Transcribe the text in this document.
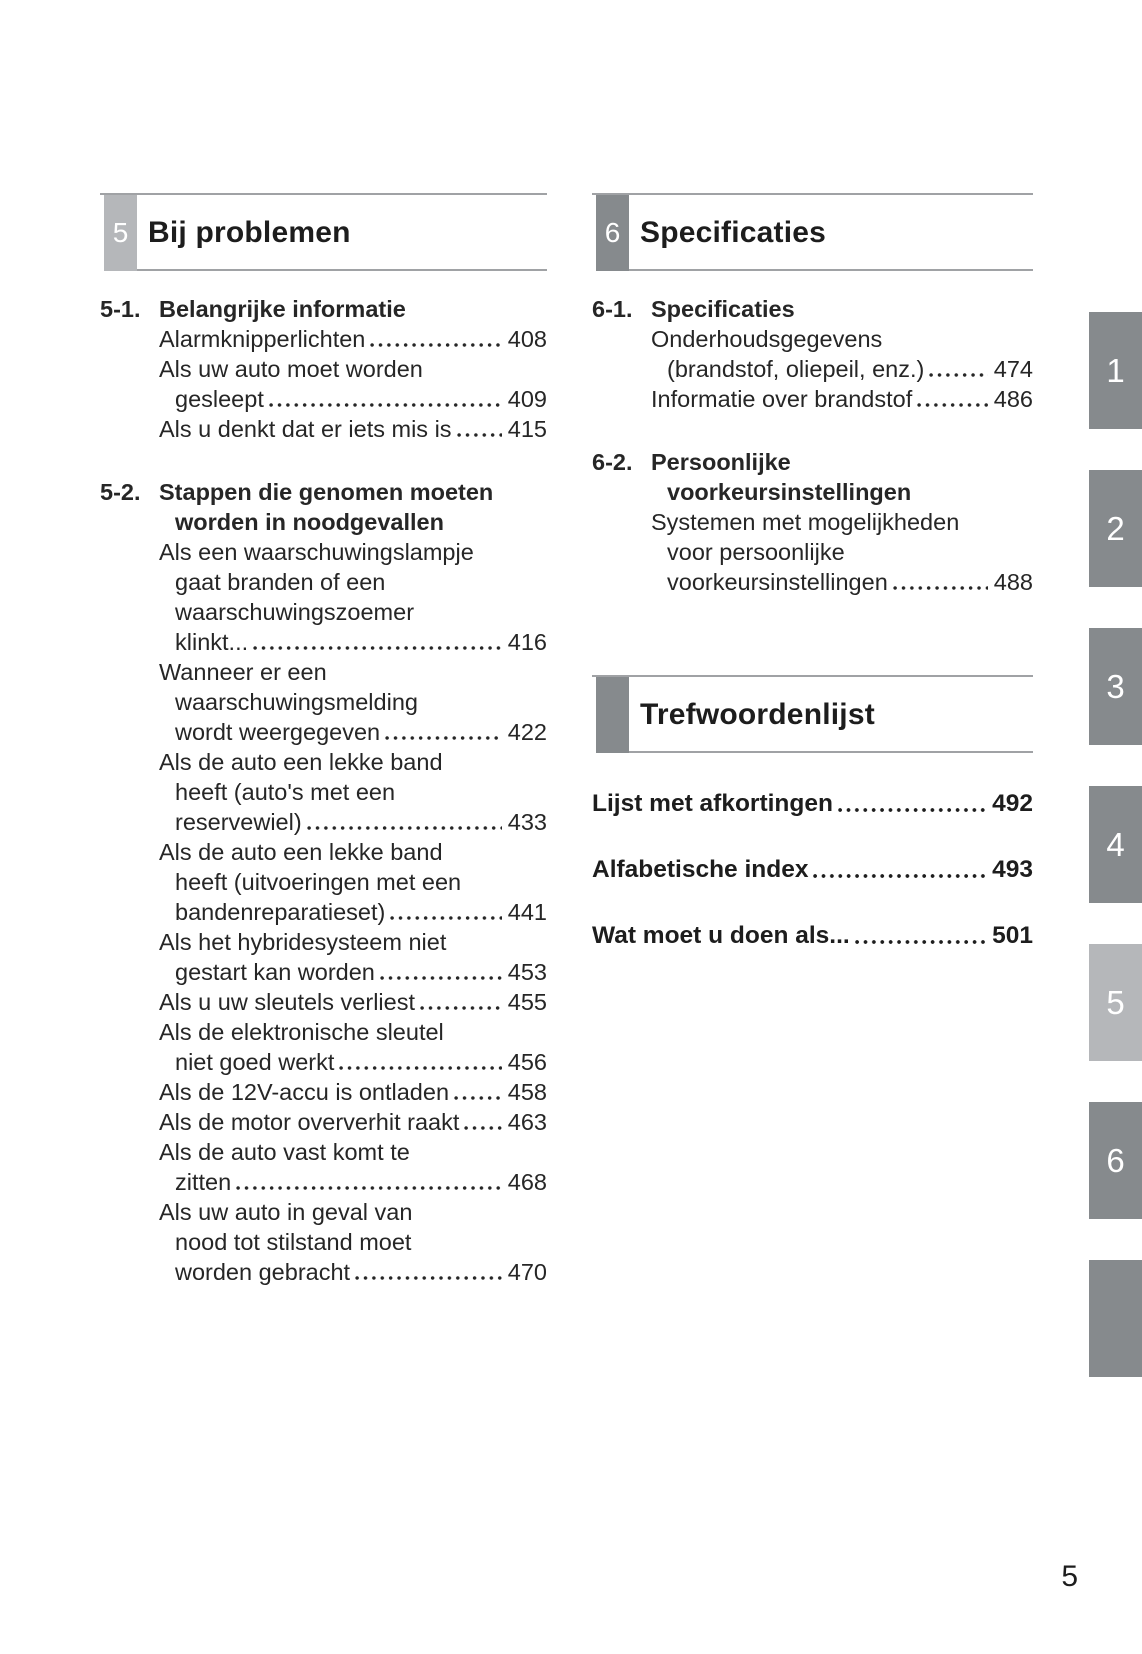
5 Bij problemen
5-1. Belangrijke informatie
Alarmknipperlichten	408
Als uw auto moet worden
gesleept	409
Als u denkt dat er iets mis is 415
5-2. Stappen die genomen moeten
worden in noodgevallen
Als een waarschuwingslampje
gaat branden of een
waarschuwingszoemer
klinkt...	416
Wanneer er een
waarschuwingsmelding
wordt weergegeven	422
Als de auto een lekke band
heeft (auto's met een
reservewiel)	433
Als de auto een lekke band
heeft (uitvoeringen met een
bandenreparatieset)	441
Als het hybridesysteem niet
gestart kan worden	453
Als u uw sleutels verliest	455
Als de elektronische sleutel
niet goed werkt	456
Als de 12V-accu is ontladen	458
Als de motor oververhit raakt 463
Als de auto vast komt te
zitten	468
Als uw auto in geval van
nood tot stilstand moet
worden gebracht	470
6 Specificaties
6-1. Specificaties
Onderhoudsgegevens
(brandstof, oliepeil, enz.)	474
Informatie over brandstof	486
6-2. Persoonlijke
voorkeursinstellingen
Systemen met mogelijkheden
voor persoonlijke
voorkeursinstellingen	488
Trefwoordenlijst
Lijst met afkortingen	492
Alfabetische index	493
Wat moet u doen als...	501
1
2
3
4
5
6
5
